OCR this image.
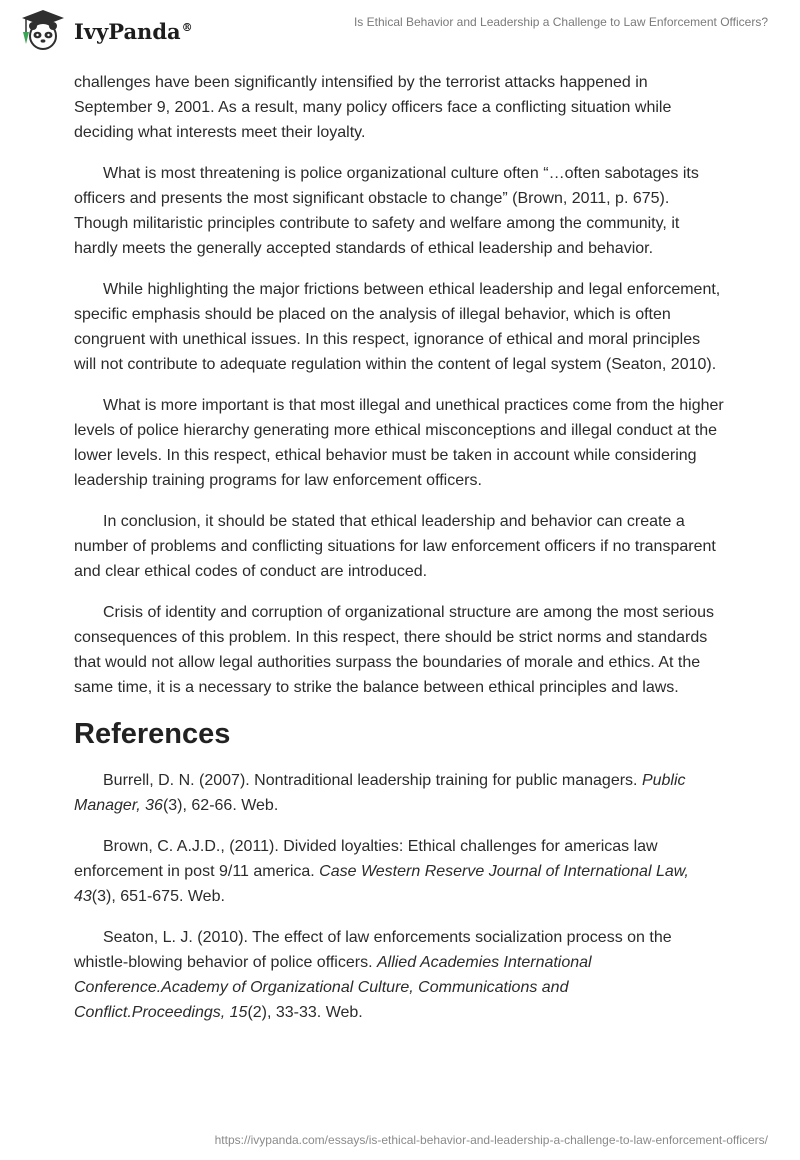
IvyPanda®	Is Ethical Behavior and Leadership a Challenge to Law Enforcement Officers?

challenges have been significantly intensified by the terrorist attacks happened in September 9, 2001. As a result, many policy officers face a conflicting situation while deciding what interests meet their loyalty.

What is most threatening is police organizational culture often “…often sabotages its officers and presents the most significant obstacle to change” (Brown, 2011, p. 675). Though militaristic principles contribute to safety and welfare among the community, it hardly meets the generally accepted standards of ethical leadership and behavior.

While highlighting the major frictions between ethical leadership and legal enforcement, specific emphasis should be placed on the analysis of illegal behavior, which is often congruent with unethical issues. In this respect, ignorance of ethical and moral principles will not contribute to adequate regulation within the content of legal system (Seaton, 2010).

What is more important is that most illegal and unethical practices come from the higher levels of police hierarchy generating more ethical misconceptions and illegal conduct at the lower levels. In this respect, ethical behavior must be taken in account while considering leadership training programs for law enforcement officers.

In conclusion, it should be stated that ethical leadership and behavior can create a number of problems and conflicting situations for law enforcement officers if no transparent and clear ethical codes of conduct are introduced.

Crisis of identity and corruption of organizational structure are among the most serious consequences of this problem. In this respect, there should be strict norms and standards that would not allow legal authorities surpass the boundaries of morale and ethics. At the same time, it is a necessary to strike the balance between ethical principles and laws.

References

Burrell, D. N. (2007). Nontraditional leadership training for public managers. Public Manager, 36(3), 62-66. Web.

Brown, C. A.J.D., (2011). Divided loyalties: Ethical challenges for americas law enforcement in post 9/11 america. Case Western Reserve Journal of International Law, 43(3), 651-675. Web.

Seaton, L. J. (2010). The effect of law enforcements socialization process on the whistle-blowing behavior of police officers. Allied Academies International Conference.Academy of Organizational Culture, Communications and Conflict.Proceedings, 15(2), 33-33. Web.

https://ivypanda.com/essays/is-ethical-behavior-and-leadership-a-challenge-to-law-enforcement-officers/
